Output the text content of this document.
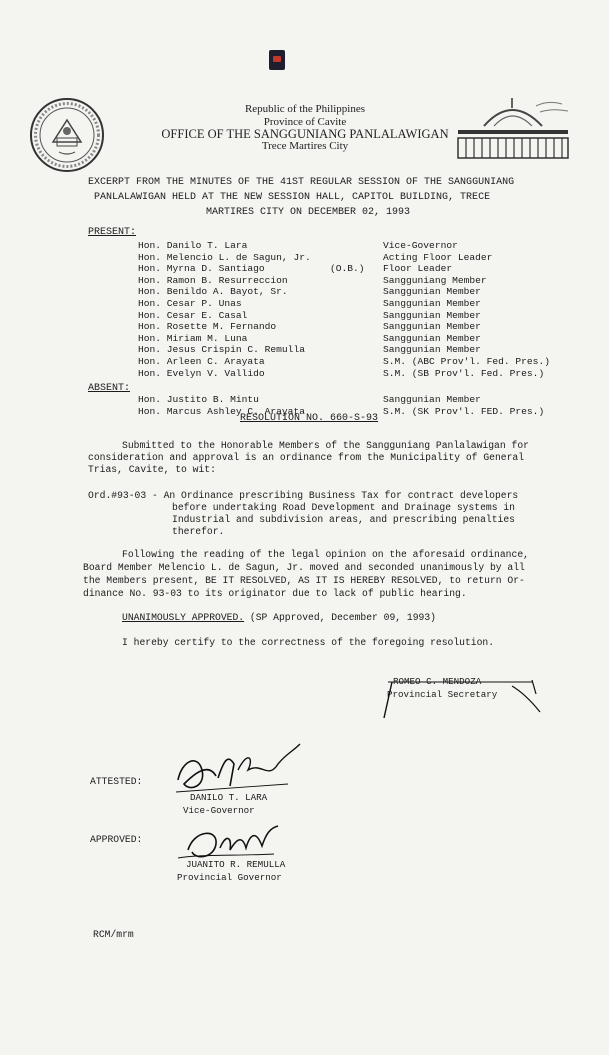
Republic of the Philippines
Province of Cavite
OFFICE OF THE SANGGUNIANG PANLALAWIGAN
Trece Martires City
EXCERPT FROM THE MINUTES OF THE 41ST REGULAR SESSION OF THE SANGGUNIANG
PANLALAWIGAN HELD AT THE NEW SESSION HALL, CAPITOL BUILDING, TRECE
MARTIRES CITY ON DECEMBER 02, 1993
PRESENT:
Hon. Danilo T. Lara	Vice-Governor
Hon. Melencio L. de Sagun, Jr.	Acting Floor Leader
Hon. Myrna D. Santiago	(O.B.) Floor Leader
Hon. Ramon B. Resurreccion	Sangguniang Member
Hon. Benildo A. Bayot, Sr.	Sanggunian Member
Hon. Cesar P. Unas	Sanggunian Member
Hon. Cesar E. Casal	Sanggunian Member
Hon. Rosette M. Fernando	Sanggunian Member
Hon. Miriam M. Luna	Sanggunian Member
Hon. Jesus Crispin C. Remulla	Sanggunian Member
Hon. Arleen C. Arayata	S.M. (ABC Prov'l. Fed. Pres.)
Hon. Evelyn V. Vallido	S.M. (SB Prov'l. Fed. Pres.)
ABSENT:
Hon. Justito B. Mintu	Sanggunian Member
Hon. Marcus Ashley C. Arayata	S.M. (SK Prov'l. FED. Pres.)
RESOLUTION NO. 660-S-93
Submitted to the Honorable Members of the Sangguniang Panlalawigan for
consideration and approval is an ordinance from the Municipality of General
Trias, Cavite, to wit:
Ord.#93-03 - An Ordinance prescribing Business Tax for contract developers
before undertaking Road Development and Drainage systems in
Industrial and subdivision areas, and prescribing penalties
therefor.
Following the reading of the legal opinion on the aforesaid ordinance,
Board Member Melencio L. de Sagun, Jr. moved and seconded unanimously by all
the Members present, BE IT RESOLVED, AS IT IS HEREBY RESOLVED, to return Or-
dinance No. 93-03 to its originator due to lack of public hearing.
UNANIMOUSLY APPROVED. (SP Approved, December 09, 1993)
I hereby certify to the correctness of the foregoing resolution.
ROMEO C. MENDOZA
Provincial Secretary
ATTESTED:
DANILO T. LARA
Vice-Governor
APPROVED:
JUANITO R. REMULLA
Provincial Governor
RCM/mrm
